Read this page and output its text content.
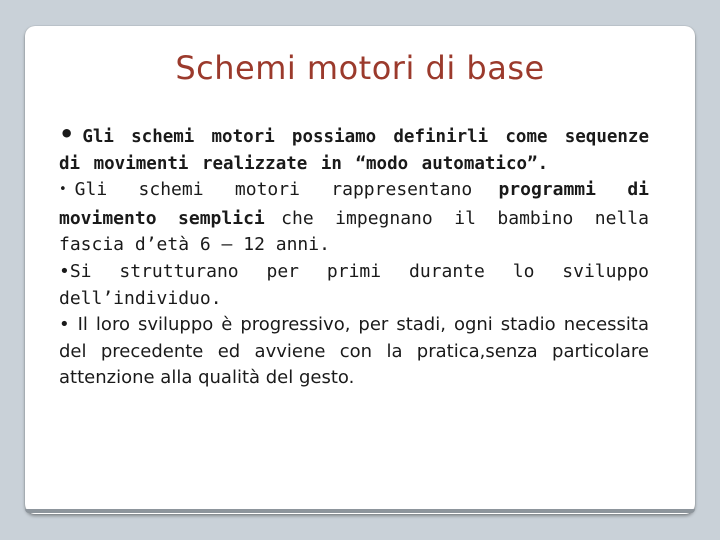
Schemi motori di base

• Gli schemi motori possiamo definirli come sequenze di movimenti realizzate in “modo automatico”.

• Gli schemi motori rappresentano programmi di movimento semplici che impegnano il bambino nella fascia d’età 6 – 12 anni.

•Si strutturano per primi durante lo sviluppo dell’individuo.

• Il loro sviluppo è progressivo, per stadi, ogni stadio necessita del precedente ed avviene con la pratica,senza particolare attenzione alla qualità del gesto.
